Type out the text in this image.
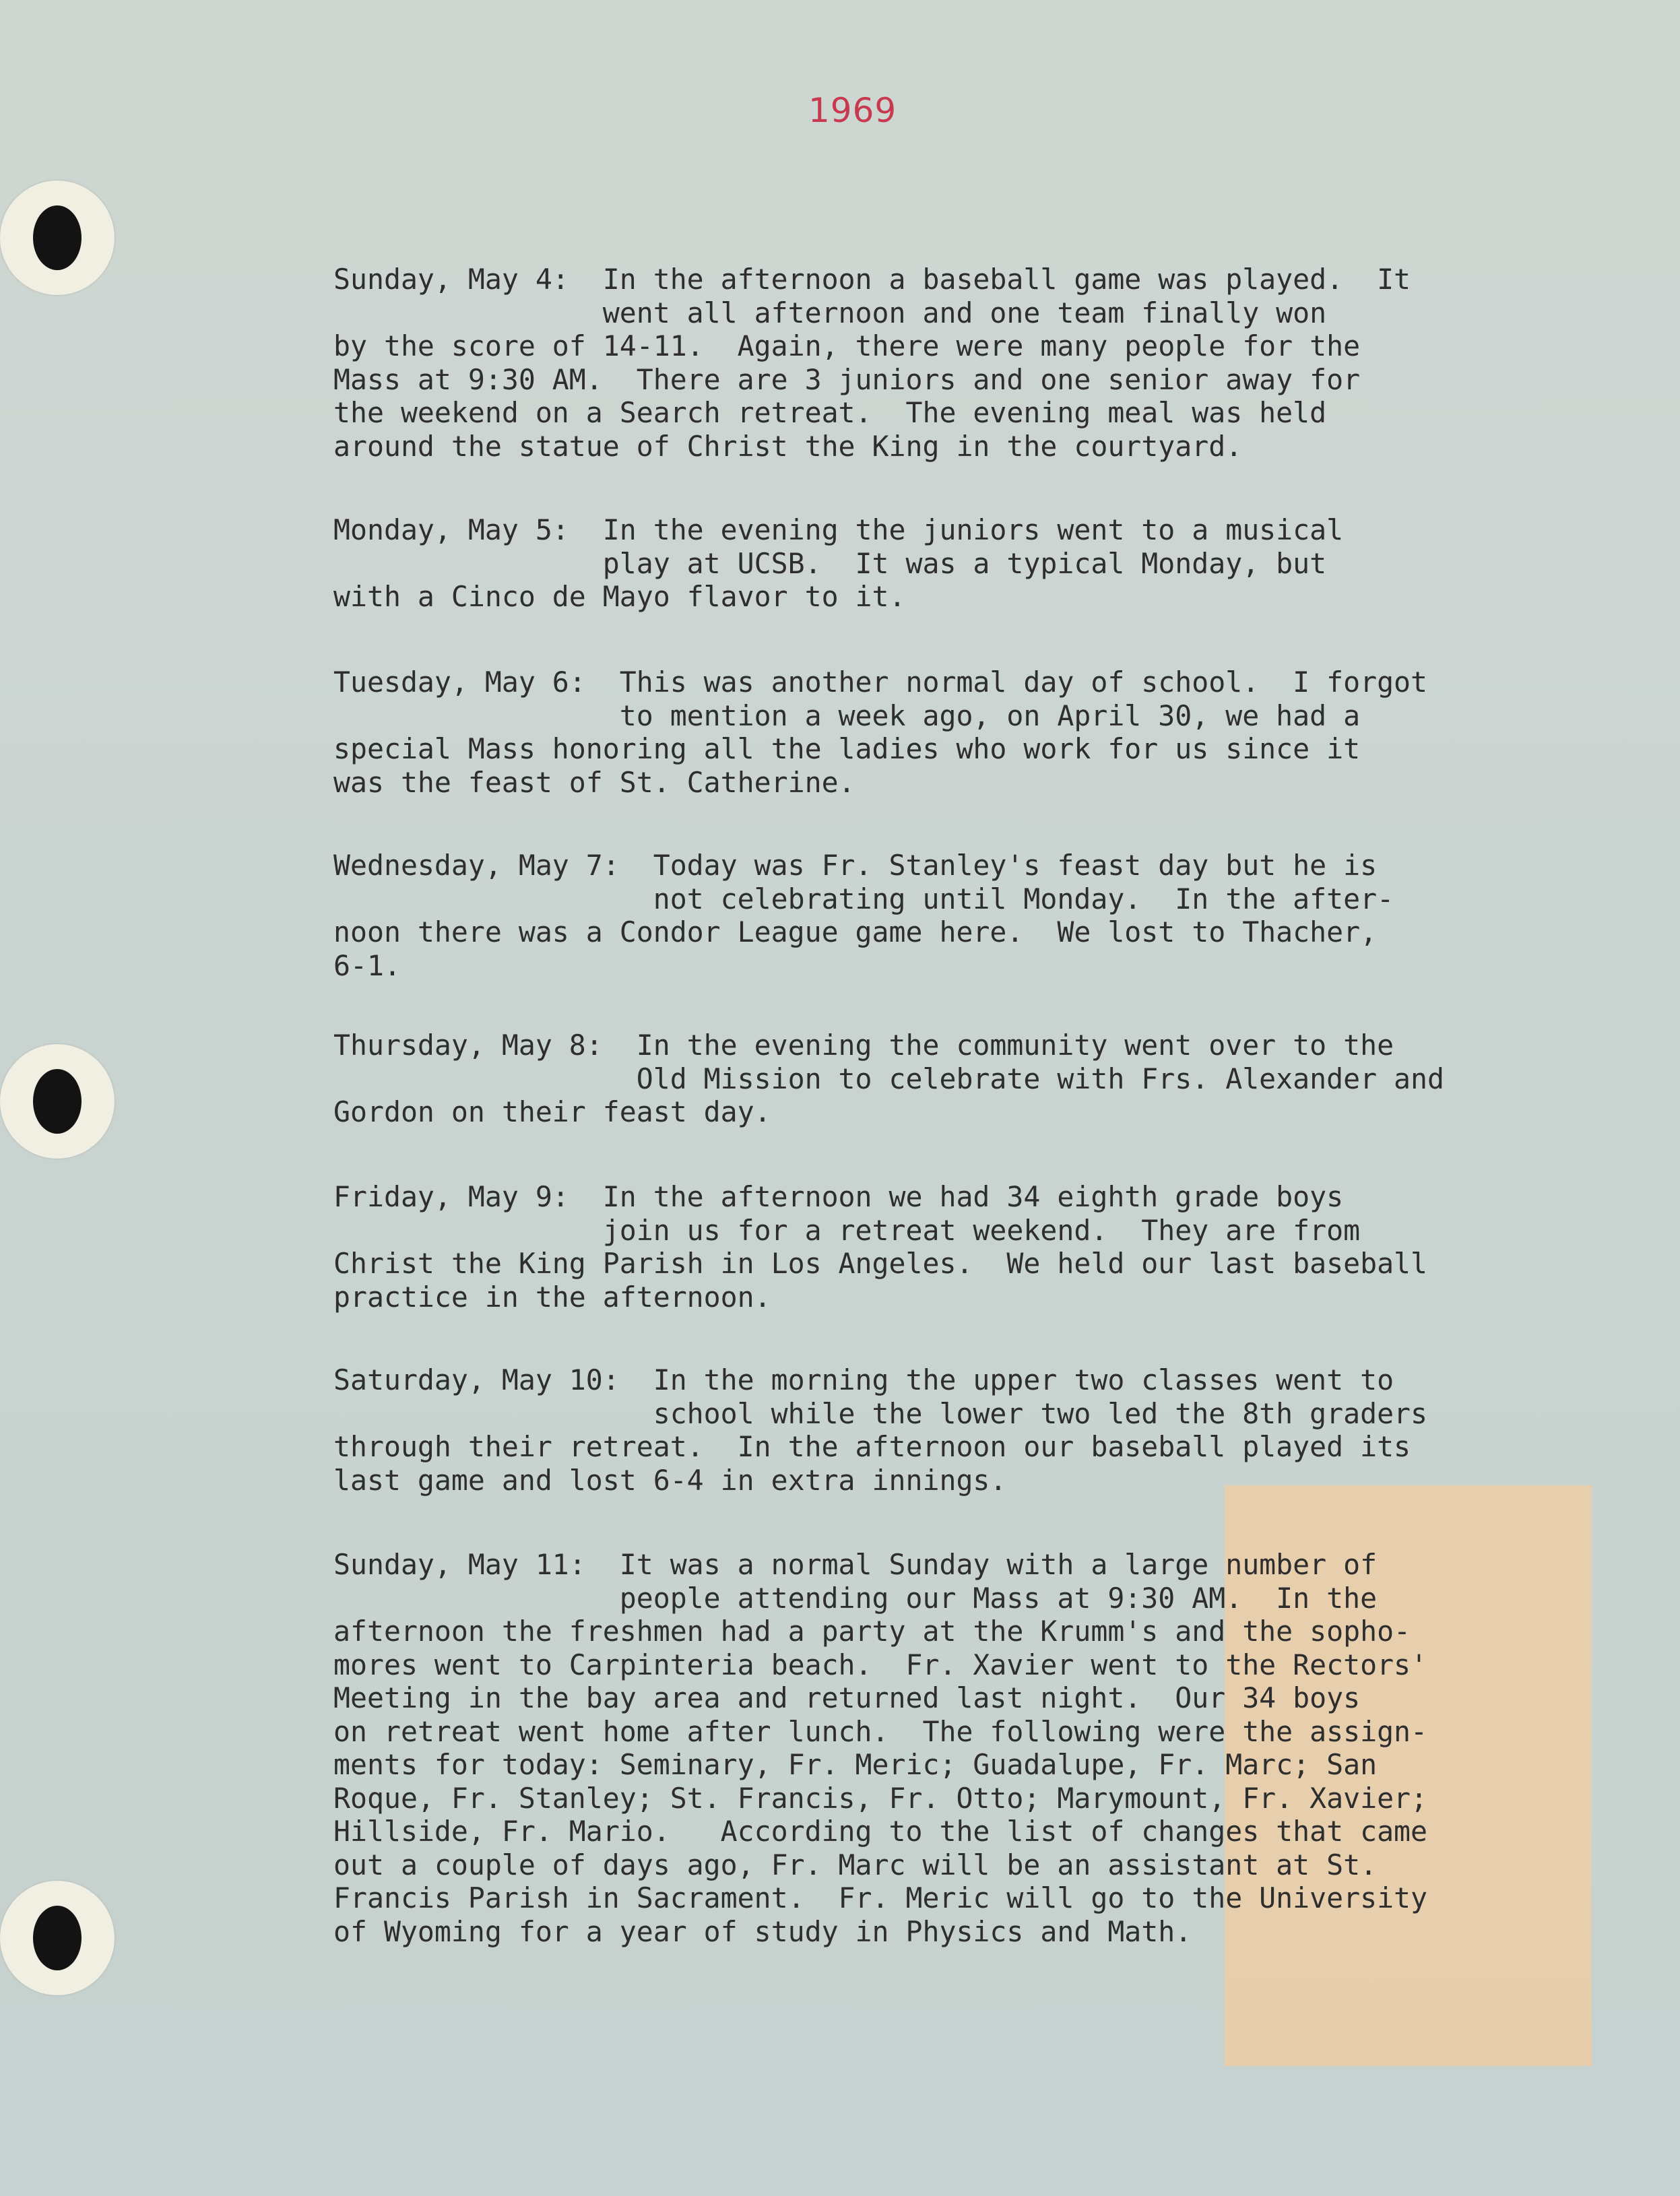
1969
Sunday, May 4:  In the afternoon a baseball game was played.  It
went all afternoon and one team finally won
by the score of 14-11.  Again, there were many people for the
Mass at 9:30 AM.  There are 3 juniors and one senior away for
the weekend on a Search retreat.  The evening meal was held
around the statue of Christ the King in the courtyard.
Monday, May 5:  In the evening the juniors went to a musical
play at UCSB.  It was a typical Monday, but
with a Cinco de Mayo flavor to it.
Tuesday, May 6:  This was another normal day of school.  I forgot
to mention a week ago, on April 30, we had a
special Mass honoring all the ladies who work for us since it
was the feast of St. Catherine.
Wednesday, May 7:  Today was Fr. Stanley's feast day but he is
not celebrating until Monday.  In the after-
noon there was a Condor League game here.  We lost to Thacher,
6-1.
Thursday, May 8:  In the evening the community went over to the
Old Mission to celebrate with Frs. Alexander and
Gordon on their feast day.
Friday, May 9:  In the afternoon we had 34 eighth grade boys
join us for a retreat weekend.  They are from
Christ the King Parish in Los Angeles.  We held our last baseball
practice in the afternoon.
Saturday, May 10:  In the morning the upper two classes went to
school while the lower two led the 8th graders
through their retreat.  In the afternoon our baseball played its
last game and lost 6-4 in extra innings.
Sunday, May 11:  It was a normal Sunday with a large number of
people attending our Mass at 9:30 AM.  In the
afternoon the freshmen had a party at the Krumm's and the sopho-
mores went to Carpinteria beach.  Fr. Xavier went to the Rectors'
Meeting in the bay area and returned last night.  Our 34 boys
on retreat went home after lunch.  The following were the assign-
ments for today: Seminary, Fr. Meric; Guadalupe, Fr. Marc; San
Roque, Fr. Stanley; St. Francis, Fr. Otto; Marymount, Fr. Xavier;
Hillside, Fr. Mario.   According to the list of changes that came
out a couple of days ago, Fr. Marc will be an assistant at St.
Francis Parish in Sacrament.  Fr. Meric will go to the University
of Wyoming for a year of study in Physics and Math.
